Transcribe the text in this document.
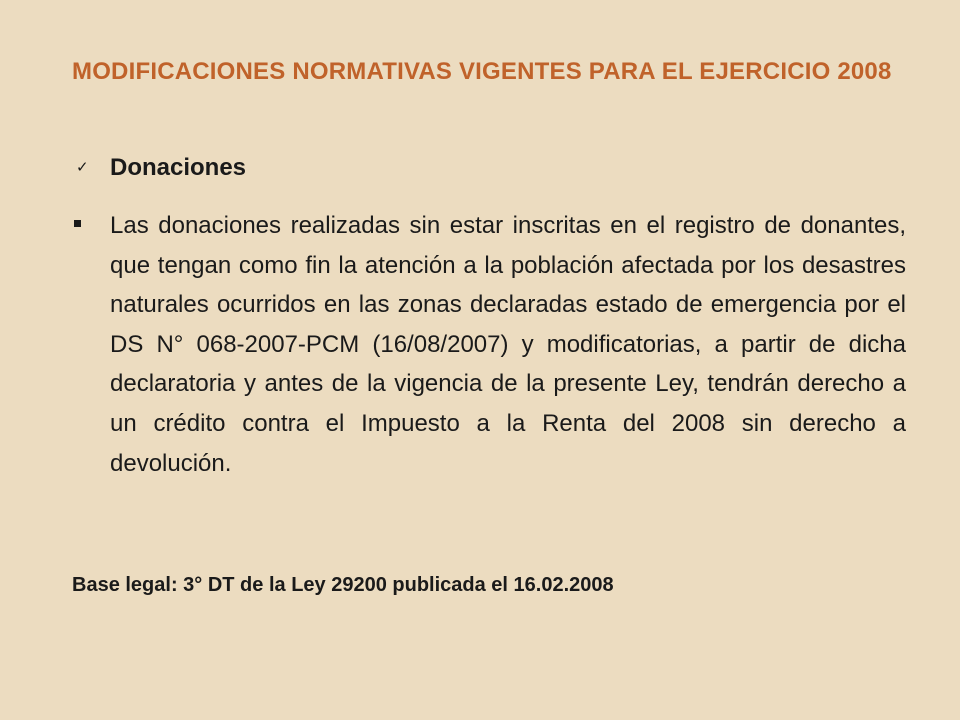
MODIFICACIONES NORMATIVAS VIGENTES PARA EL EJERCICIO 2008
✓ Donaciones

Las donaciones realizadas sin estar inscritas en el registro de donantes, que tengan como fin la atención a la población afectada por los desastres naturales ocurridos en las zonas declaradas estado de emergencia por el DS N° 068-2007-PCM (16/08/2007) y modificatorias, a partir de dicha declaratoria y antes de la vigencia de la presente Ley, tendrán derecho a un crédito contra el Impuesto a la Renta del 2008 sin derecho a devolución.

Base legal: 3° DT de la Ley 29200 publicada el 16.02.2008
